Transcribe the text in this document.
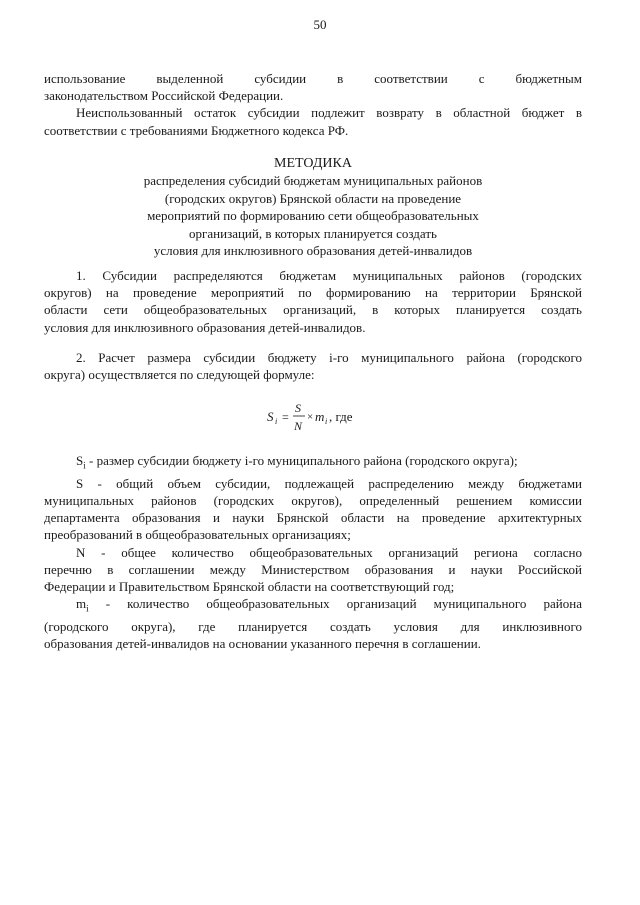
50
использование выделенной субсидии в соответствии с бюджетным
законодательством Российской Федерации.
Неиспользованный остаток субсидии подлежит возврату в областной бюджет в
соответствии с требованиями Бюджетного кодекса РФ.
МЕТОДИКА
распределения субсидий бюджетам муниципальных районов
(городских округов) Брянской области на проведение
мероприятий по формированию сети общеобразовательных
организаций, в которых планируется создать
условия для инклюзивного образования детей-инвалидов
1. Субсидии распределяются бюджетам муниципальных районов (городских
округов) на проведение мероприятий по формированию на территории Брянской
области сети общеобразовательных организаций, в которых планируется создать
условия для инклюзивного образования детей-инвалидов.
2. Расчет размера субсидии бюджету i-го муниципального района (городского
округа) осуществляется по следующей формуле:
S i =
S
N
× m i , где
$S_i$ - размер субсидии бюджету i-го муниципального района (городского округа);
S - общий объем субсидии, подлежащей распределению между бюджетами
муниципальных районов (городских округов), определенный решением комиссии
департамента образования и науки Брянской области на проведение архитектурных
преобразований в общеобразовательных организациях;
N - общее количество общеобразовательных организаций региона согласно
перечню в соглашении между Министерством образования и науки Российской
Федерации и Правительством Брянской области на соответствующий год;
$m_i$ - количество общеобразовательных организаций муниципального района
(городского округа), где планируется создать условия для инклюзивного
образования детей-инвалидов на основании указанного перечня в соглашении.
